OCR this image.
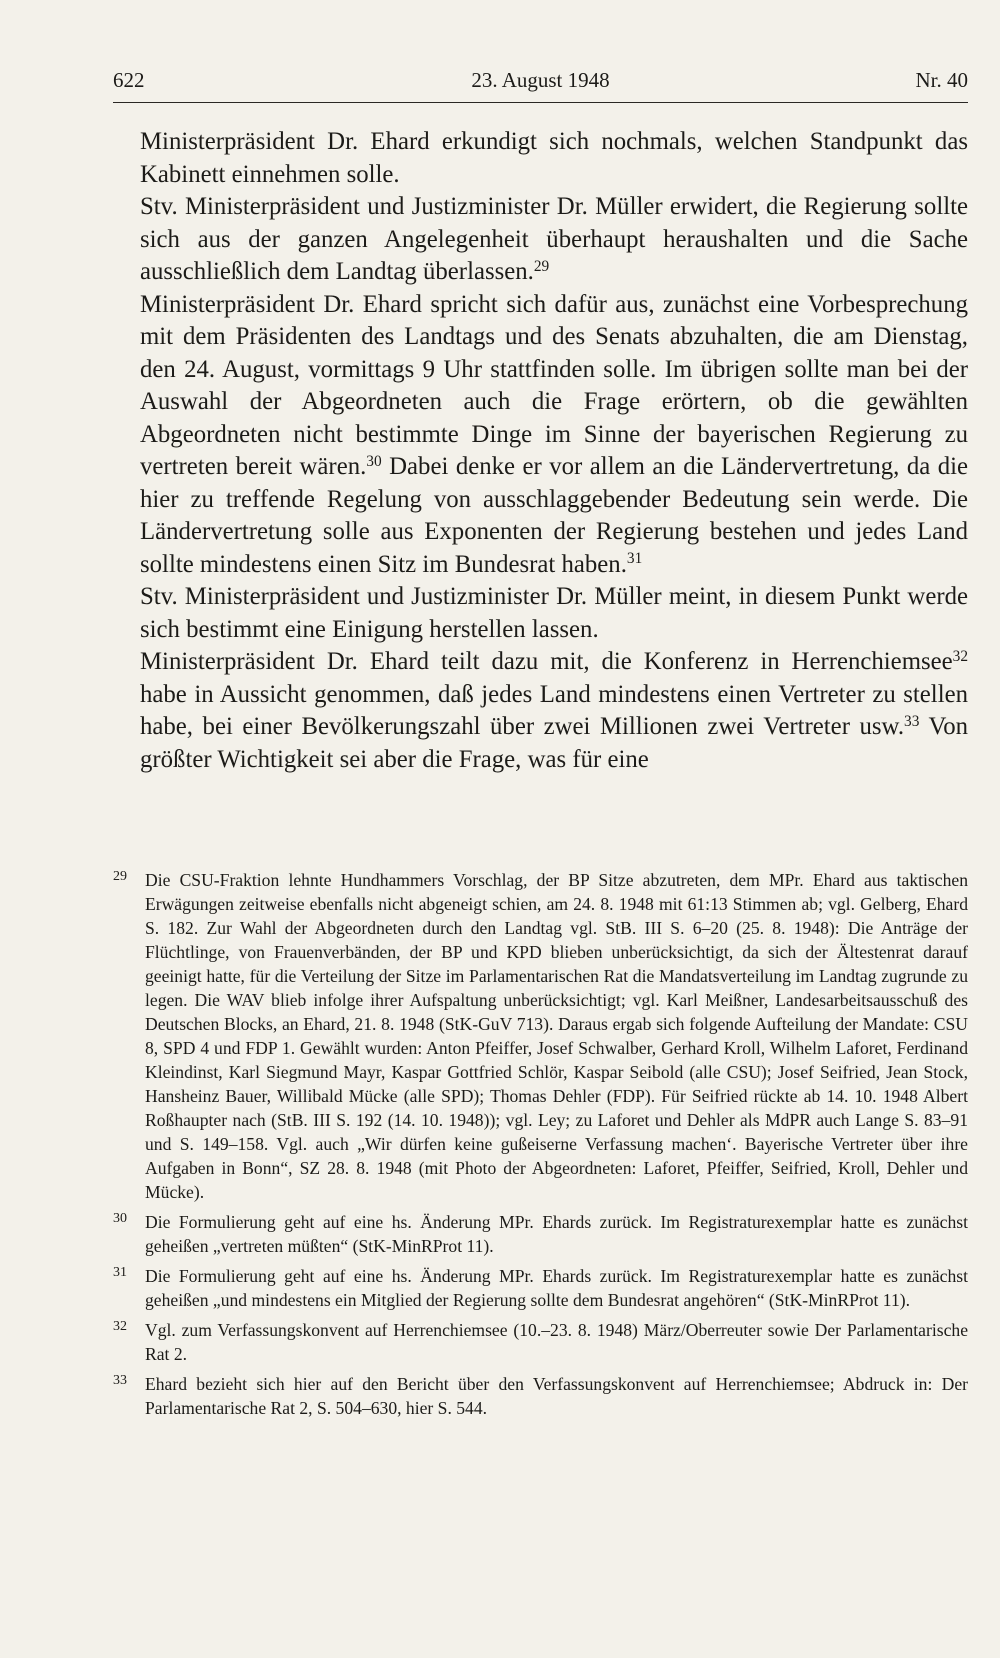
622	23. August 1948	Nr. 40

Ministerpräsident Dr. Ehard erkundigt sich nochmals, welchen Standpunkt das Kabinett einnehmen solle.

Stv. Ministerpräsident und Justizminister Dr. Müller erwidert, die Regierung sollte sich aus der ganzen Angelegenheit überhaupt heraushalten und die Sache ausschließlich dem Landtag überlassen.$^{29}$

Ministerpräsident Dr. Ehard spricht sich dafür aus, zunächst eine Vorbesprechung mit dem Präsidenten des Landtags und des Senats abzuhalten, die am Dienstag, den 24. August, vormittags 9 Uhr stattfinden solle. Im übrigen sollte man bei der Auswahl der Abgeordneten auch die Frage erörtern, ob die gewählten Abgeordneten nicht bestimmte Dinge im Sinne der bayerischen Regierung zu vertreten bereit wären.$^{30}$ Dabei denke er vor allem an die Ländervertretung, da die hier zu treffende Regelung von ausschlaggebender Bedeutung sein werde. Die Ländervertretung solle aus Exponenten der Regierung bestehen und jedes Land sollte mindestens einen Sitz im Bundesrat haben.$^{31}$

Stv. Ministerpräsident und Justizminister Dr. Müller meint, in diesem Punkt werde sich bestimmt eine Einigung herstellen lassen.

Ministerpräsident Dr. Ehard teilt dazu mit, die Konferenz in Herrenchiemsee$^{32}$ habe in Aussicht genommen, daß jedes Land mindestens einen Vertreter zu stellen habe, bei einer Bevölkerungszahl über zwei Millionen zwei Vertreter usw.$^{33}$ Von größter Wichtigkeit sei aber die Frage, was für eine

29 Die CSU-Fraktion lehnte Hundhammers Vorschlag, der BP Sitze abzutreten, dem MPr. Ehard aus taktischen Erwägungen zeitweise ebenfalls nicht abgeneigt schien, am 24. 8. 1948 mit 61:13 Stimmen ab; vgl. Gelberg, Ehard S. 182. Zur Wahl der Abgeordneten durch den Landtag vgl. StB. III S. 6–20 (25. 8. 1948): Die Anträge der Flüchtlinge, von Frauenverbänden, der BP und KPD blieben unberücksichtigt, da sich der Ältestenrat darauf geeinigt hatte, für die Verteilung der Sitze im Parlamentarischen Rat die Mandatsverteilung im Landtag zugrunde zu legen. Die WAV blieb infolge ihrer Aufspaltung unberücksichtigt; vgl. Karl Meißner, Landesarbeitsausschuß des Deutschen Blocks, an Ehard, 21. 8. 1948 (StK-GuV 713). Daraus ergab sich folgende Aufteilung der Mandate: CSU 8, SPD 4 und FDP 1. Gewählt wurden: Anton Pfeiffer, Josef Schwalber, Gerhard Kroll, Wilhelm Laforet, Ferdinand Kleindinst, Karl Siegmund Mayr, Kaspar Gottfried Schlör, Kaspar Seibold (alle CSU); Josef Seifried, Jean Stock, Hansheinz Bauer, Willibald Mücke (alle SPD); Thomas Dehler (FDP). Für Seifried rückte ab 14. 10. 1948 Albert Roßhaupter nach (StB. III S. 192 (14. 10. 1948)); vgl. Ley; zu Laforet und Dehler als MdPR auch Lange S. 83–91 und S. 149–158. Vgl. auch „Wir dürfen keine gußeiserne Verfassung machen‘. Bayerische Vertreter über ihre Aufgaben in Bonn“, SZ 28. 8. 1948 (mit Photo der Abgeordneten: Laforet, Pfeiffer, Seifried, Kroll, Dehler und Mücke).
30 Die Formulierung geht auf eine hs. Änderung MPr. Ehards zurück. Im Registraturexemplar hatte es zunächst geheißen „vertreten müßten“ (StK-MinRProt 11).
31 Die Formulierung geht auf eine hs. Änderung MPr. Ehards zurück. Im Registraturexemplar hatte es zunächst geheißen „und mindestens ein Mitglied der Regierung sollte dem Bundesrat angehören“ (StK-MinRProt 11).
32 Vgl. zum Verfassungskonvent auf Herrenchiemsee (10.–23. 8. 1948) März/Oberreuter sowie Der Parlamentarische Rat 2.
33 Ehard bezieht sich hier auf den Bericht über den Verfassungskonvent auf Herrenchiemsee; Abdruck in: Der Parlamentarische Rat 2, S. 504–630, hier S. 544.
